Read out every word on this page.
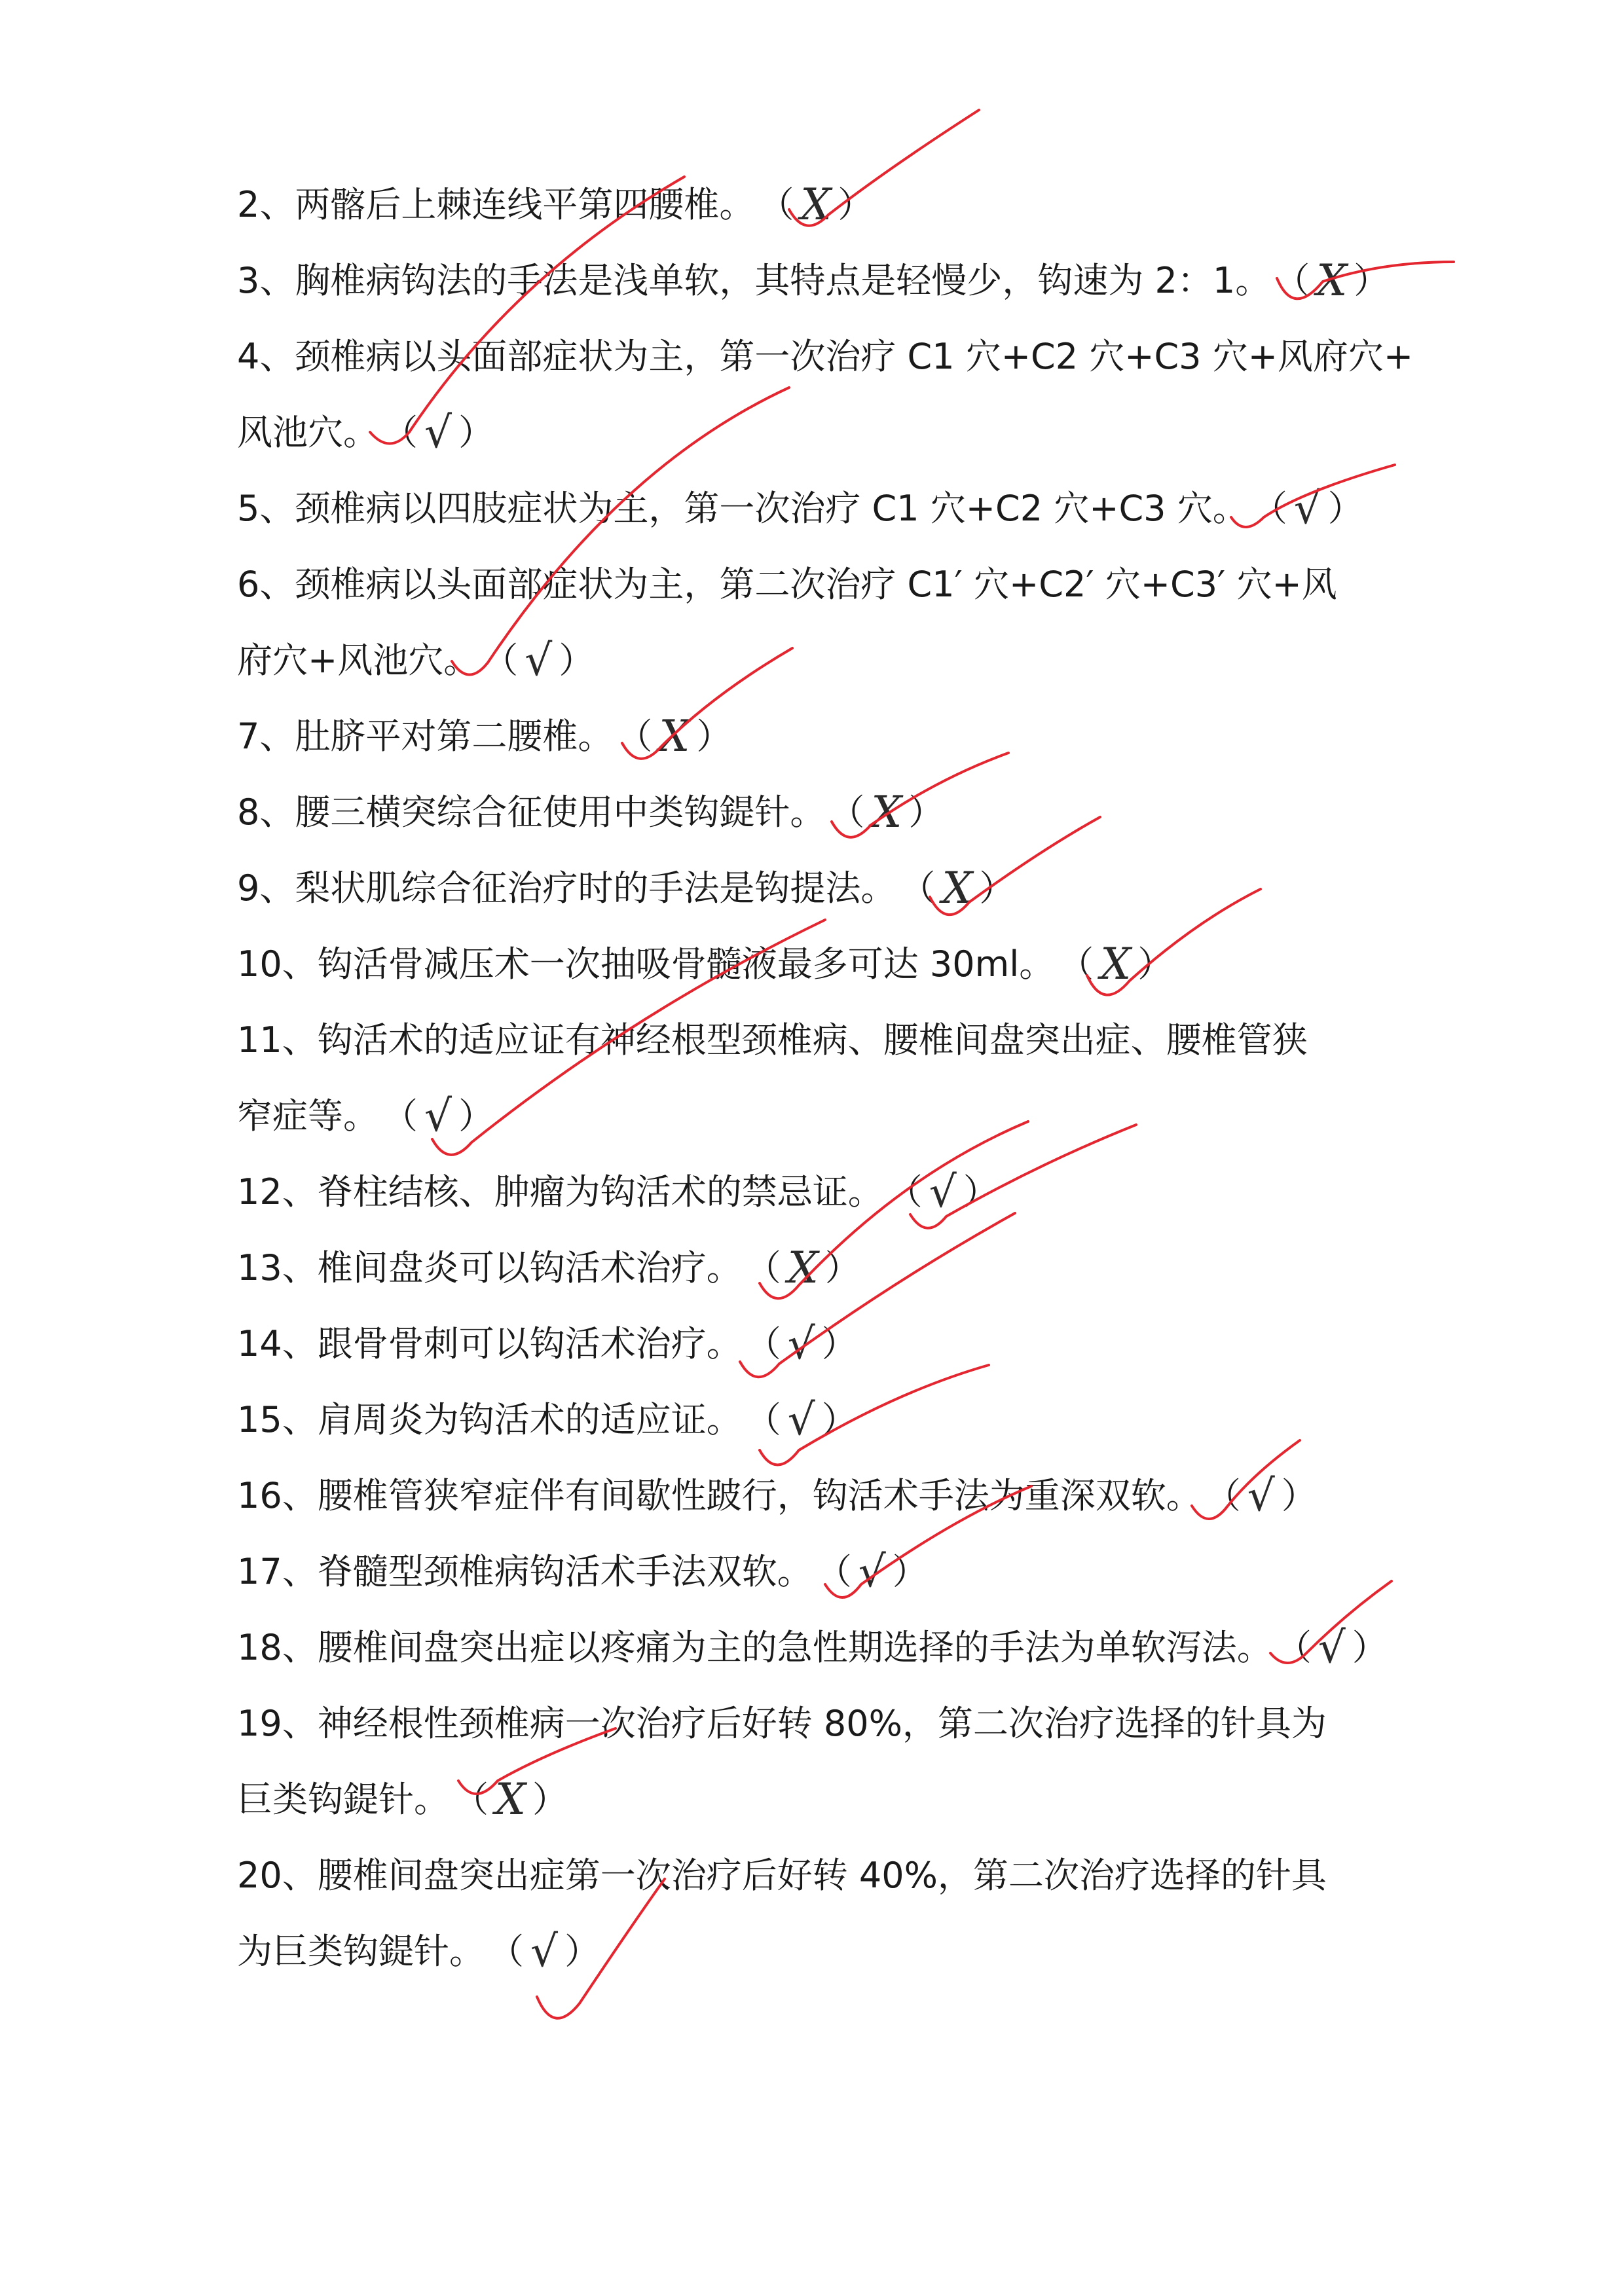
2、两髂后上棘连线平第四腰椎。 （ X ）
3、胸椎病钩法的手法是浅单软，其特点是轻慢少，钩速为 2：1。 （ X ）
4、颈椎病以头面部症状为主，第一次治疗 C1 穴+C2 穴+C3 穴+风府穴+
风池穴。 （ √ ）
5、颈椎病以四肢症状为主，第一次治疗 C1 穴+C2 穴+C3 穴。 （ √ ）
6、颈椎病以头面部症状为主，第二次治疗 C1′ 穴+C2′ 穴+C3′ 穴+风
府穴+风池穴。 （ √ ）
7、肚脐平对第二腰椎。 （ X ）
8、腰三横突综合征使用中类钩鍉针。 （ X ）
9、梨状肌综合征治疗时的手法是钩提法。 （ X ）
10、钩活骨减压术一次抽吸骨髓液最多可达 30ml。 （ X ）
11、钩活术的适应证有神经根型颈椎病、腰椎间盘突出症、腰椎管狭
窄症等。 （ √ ）
12、脊柱结核、肿瘤为钩活术的禁忌证。 （ √ ）
13、椎间盘炎可以钩活术治疗。 （ X ）
14、跟骨骨刺可以钩活术治疗。 （ √ ）
15、肩周炎为钩活术的适应证。 （ √ ）
16、腰椎管狭窄症伴有间歇性跛行，钩活术手法为重深双软。 （ √ ）
17、脊髓型颈椎病钩活术手法双软。 （ √ ）
18、腰椎间盘突出症以疼痛为主的急性期选择的手法为单软泻法。 （ √ ）
19、神经根性颈椎病一次治疗后好转 80%，第二次治疗选择的针具为
巨类钩鍉针。 （ X ）
20、腰椎间盘突出症第一次治疗后好转 40%，第二次治疗选择的针具
为巨类钩鍉针。 （ √ ）
